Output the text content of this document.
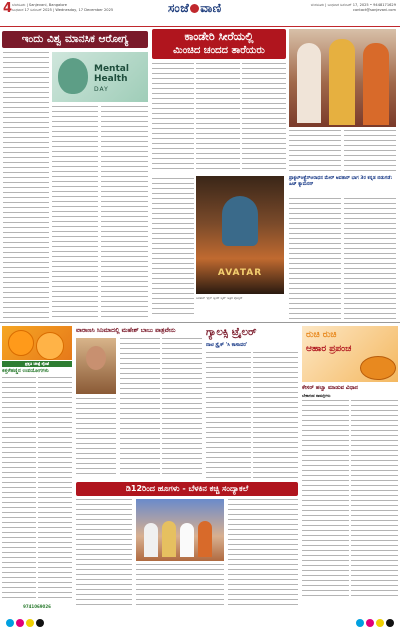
4 ಬೆಂಗಳೂರು | Sanjevani, Bangalore
ಬುಧವಾರ 17 ಡಿಸೆಂಬರ್ 2025 | Wednesday, 17 December 2025	ಸಂಜೆ ವಾಣಿ	ಬೆಂಗಳೂರು | ಬುಧವಾರ ಡಿಸೆಂಬರ್ 17, 2025 • 9448171629
contact@sanjevani.com
ಇಂದು ವಿಶ್ವ ಮಾನಸಿಕ ಆರೋಗ್ಯ
Mental Health
DAY
ಕಾಂಡೇರಿ ಸೀರೆಯಲ್ಲಿ
ಮಿಂಚಿದ ಚಂದದ ತಾರೆಯರು
AVATAR
ಅವತಾರ್ 'ಫೈರ್ ಆ್ಯಂಡ್ ಆ್ಯಶ್' ಚಿತ್ರದ ಪೋಸ್ಟರ್
ಫ್ರಾಕ್ಟಲ್‌ಆಕ್ಟ್ರೆಸ್‌ಆರಾಧನ ಮೇರ್ ಅವತಾರ್ ಭಾಗ 3ರ ಕನ್ನಡ ಬಿಡುಗಡೆ: ಹಿಟ್ ಕ್ಯಾಮರನ್
ಪ್ರಕೃತಿ ಚಿಕಿತ್ಸೆ ನೈಜತೆ
ಕಿತ್ತಳೆಹಣ್ಣಿನ ಉಪಯೋಗಗಳು
9741069026
ವಾರಾಣಸಿ ಸಿನಿಮಾದಲ್ಲಿ ಮಹೇಶ್ ಬಾಬು ಪಾತ್ರವೇನು	ಗ್ಯಾಲಕ್ಸಿ ಟ್ರೈಲರ್
ನಾಟಿ ಸ್ಟ್ರೈಕ್ 'ಸಿ ಕಾಸಾವರ'
ರುಚಿ ರುಚಿ
ಆಹಾರ ಪ್ರಪಂಚ
ಕೇಸರ್ ಹಲ್ವಾ ಮಾಡುವ ವಿಧಾನ
ಬೇಕಾಗುವ ಸಾಮಗ್ರಿಗಳು
ಡಿ12ರಿಂದ ಹೂಗಳು - ಬೆಳಕಿನ ಕಚ್ಚಿ ಸಂದ್ಯಾಕಲೆ
